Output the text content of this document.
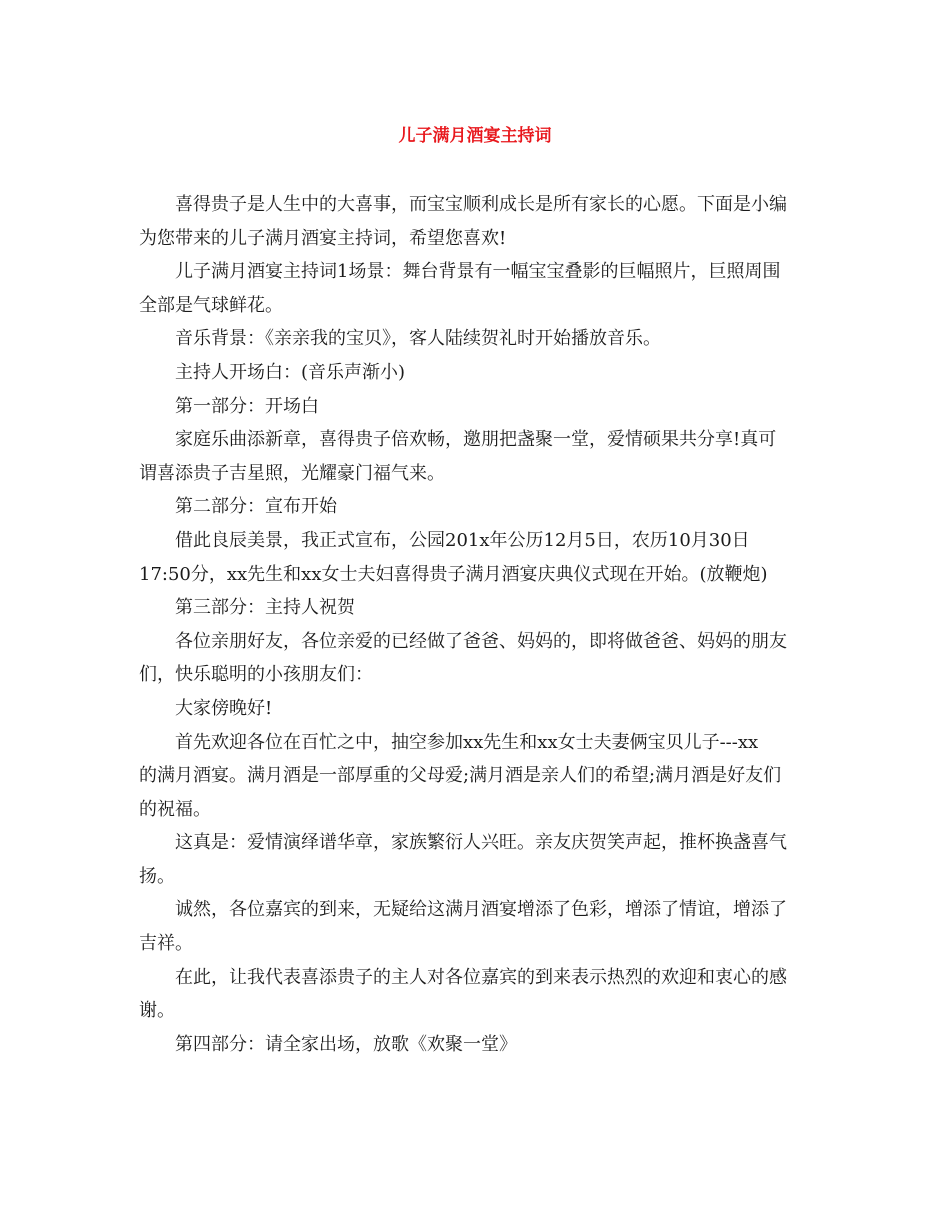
儿子满月酒宴主持词
喜得贵子是人生中的大喜事，而宝宝顺利成长是所有家长的心愿。下面是小编
为您带来的儿子满月酒宴主持词，希望您喜欢!
儿子满月酒宴主持词1场景：舞台背景有一幅宝宝叠影的巨幅照片，巨照周围
全部是气球鲜花。
音乐背景：《亲亲我的宝贝》，客人陆续贺礼时开始播放音乐。
主持人开场白：(音乐声渐小)
第一部分：开场白
家庭乐曲添新章，喜得贵子倍欢畅，邀朋把盏聚一堂，爱情硕果共分享!真可
谓喜添贵子吉星照，光耀豪门福气来。
第二部分：宣布开始
借此良辰美景，我正式宣布，公园201x年公历12月5日，农历10月30日
17:50分，xx先生和xx女士夫妇喜得贵子满月酒宴庆典仪式现在开始。(放鞭炮)
第三部分：主持人祝贺
各位亲朋好友，各位亲爱的已经做了爸爸、妈妈的，即将做爸爸、妈妈的朋友
们，快乐聪明的小孩朋友们：
大家傍晚好!
首先欢迎各位在百忙之中，抽空参加xx先生和xx女士夫妻俩宝贝儿子---xx
的满月酒宴。满月酒是一部厚重的父母爱;满月酒是亲人们的希望;满月酒是好友们
的祝福。
这真是：爱情演绎谱华章，家族繁衍人兴旺。亲友庆贺笑声起，推杯换盏喜气
扬。
诚然，各位嘉宾的到来，无疑给这满月酒宴增添了色彩，增添了情谊，增添了
吉祥。
在此，让我代表喜添贵子的主人对各位嘉宾的到来表示热烈的欢迎和衷心的感
谢。
第四部分：请全家出场，放歌《欢聚一堂》
